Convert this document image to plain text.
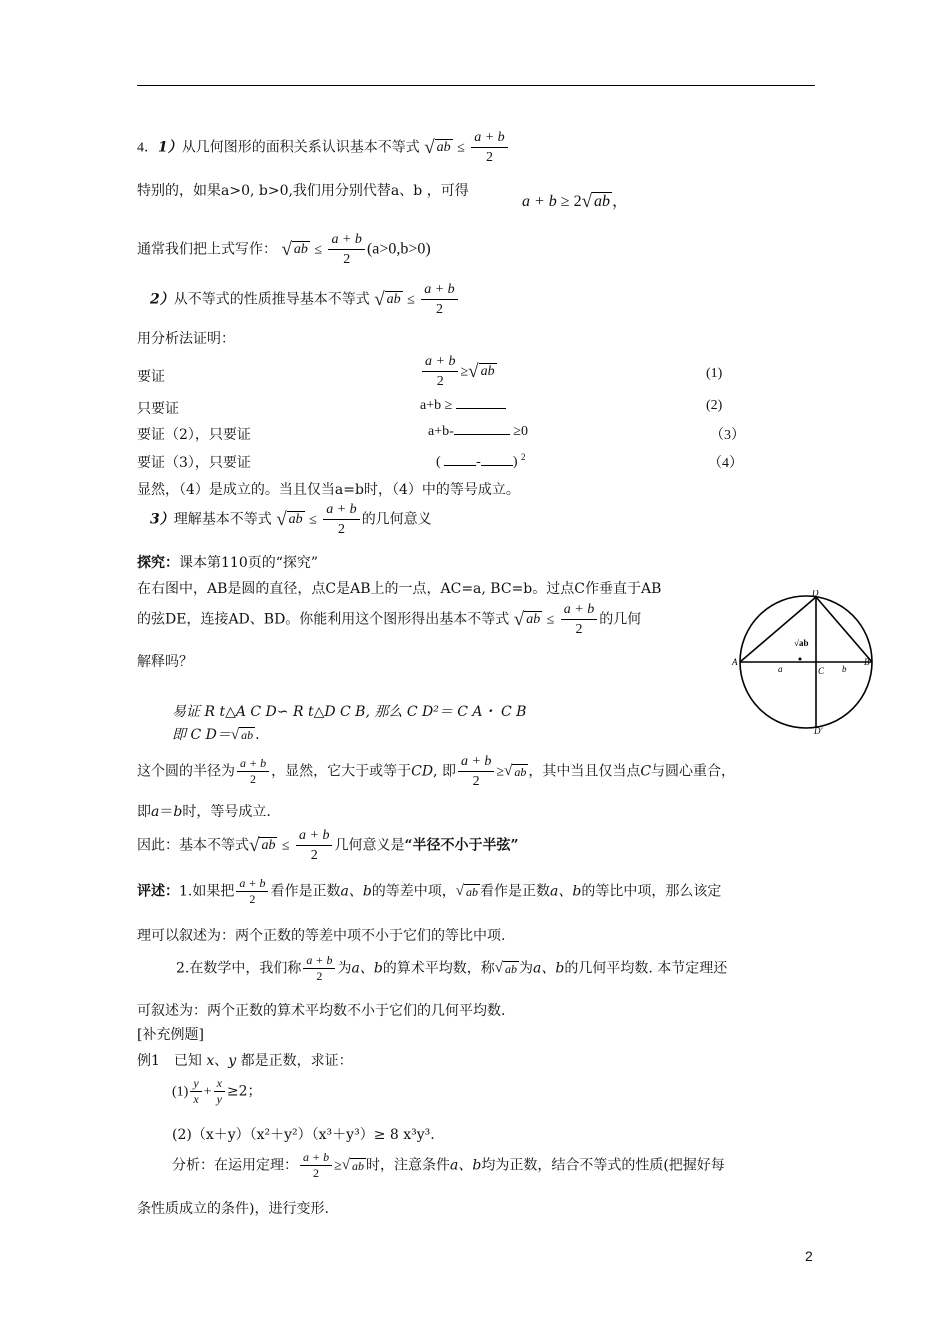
4．1）从几何图形的面积关系认识基本不等式 √ ab ≤ $\frac{a + b}{2}$
特别的，如果a>0, b>0,我们用分别代替a、b ，可得
a + b ≥ 2√ ab ，
通常我们把上式写作： √ ab ≤ $\frac{a + b}{2} (a>0,b>0)$
2）从不等式的性质推导基本不等式 √ ab ≤ $\frac{a + b}{2}$
用分析法证明：
要证	$\frac{a + b}{2}$ ≥√ ab	(1)
只要证	a+b ≥	(2)
要证（2），只要证	a+b-	≥0	（3）
要证（3），只要证	(	- ) $^2$	（4）
显然，（4）是成立的。当且仅当a=b时，（4）中的等号成立。
3）理解基本不等式 √ ab ≤ $\frac{a + b}{2}$ 的几何意义
探究：课本第110页的“探究”
在右图中，AB是圆的直径，点C是AB上的一点，AC=a, BC=b。过点C作垂直于AB
的弦DE，连接AD、BD。你能利用这个图形得出基本不等式 √ ab ≤ $\frac{a + b}{2}$ 的几何
解释吗？	A	B
C
D
D'
a	b
√ab
易证 R t△A C D∽ R t△D C B, 那么 C D²＝ C A・ C B
即 C D＝√ ab .
这个圆的半径为 $\frac{a + b}{2}$ ，显然，它大于或等于CD, 即 $\frac{a + b}{2}$ ≥√ ab ，其中当且仅当点C与圆心重合，
即a＝b时，等号成立.
因此：基本不等式√ ab ≤ $\frac{a + b}{2}$ 几何意义是“半径不小于半弦”
评述：1.如果把 $\frac{a + b}{2}$ 看作是正数a、b的等差中项，√ ab 看作是正数a、b的等比中项，那么该定
理可以叙述为：两个正数的等差中项不小于它们的等比中项.
2.在数学中，我们称 $\frac{a + b}{2}$ 为a、b的算术平均数，称√ ab 为a、b的几何平均数. 本节定理还
可叙述为：两个正数的算术平均数不小于它们的几何平均数.
[补充例题]
例1　已知 x、y 都是正数，求证：
$(1) \frac{y}{x} + \frac{x}{y} \ge 2$；
(2)（x＋y）（x²＋y²）（x³＋y³）≥ 8 x³y³.
分析：在运用定理： $\frac{a + b}{2}$ ≥√ ab 时，注意条件a、b均为正数，结合不等式的性质(把握好每
条性质成立的条件)，进行变形.
2
